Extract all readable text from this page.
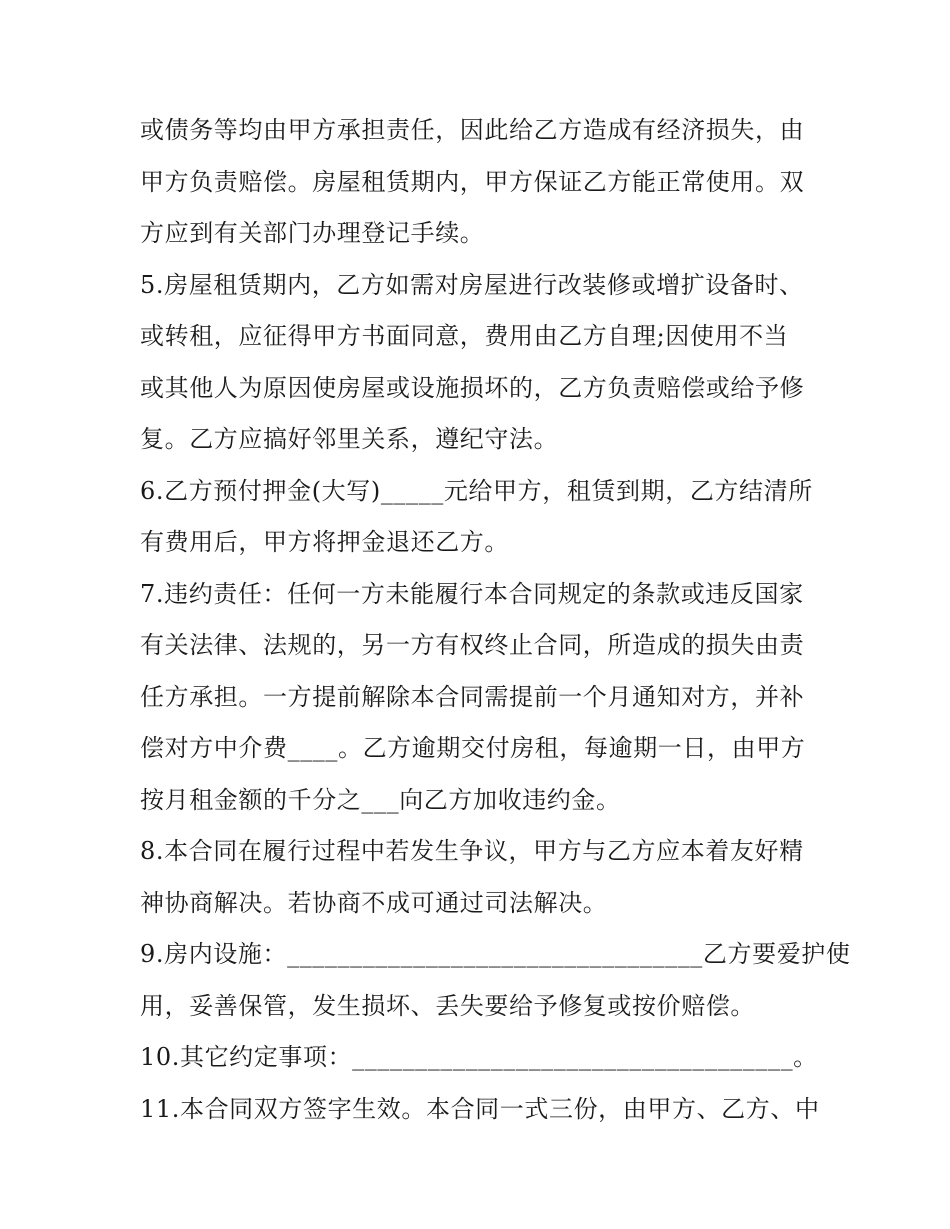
或债务等均由甲方承担责任，因此给乙方造成有经济损失，由
甲方负责赔偿。房屋租赁期内，甲方保证乙方能正常使用。双
方应到有关部门办理登记手续。
5.房屋租赁期内，乙方如需对房屋进行改装修或增扩设备时、
或转租，应征得甲方书面同意，费用由乙方自理;因使用不当
或其他人为原因使房屋或设施损坏的，乙方负责赔偿或给予修
复。乙方应搞好邻里关系，遵纪守法。
6.乙方预付押金(大写)_____元给甲方，租赁到期，乙方结清所
有费用后，甲方将押金退还乙方。
7.违约责任：任何一方未能履行本合同规定的条款或违反国家
有关法律、法规的，另一方有权终止合同，所造成的损失由责
任方承担。一方提前解除本合同需提前一个月通知对方，并补
偿对方中介费____。乙方逾期交付房租，每逾期一日，由甲方
按月租金额的千分之___向乙方加收违约金。
8.本合同在履行过程中若发生争议，甲方与乙方应本着友好精
神协商解决。若协商不成可通过司法解决。
9.房内设施：_________________________________乙方要爱护使
用，妥善保管，发生损坏、丢失要给予修复或按价赔偿。
10.其它约定事项：___________________________________。
11.本合同双方签字生效。本合同一式三份，由甲方、乙方、中
